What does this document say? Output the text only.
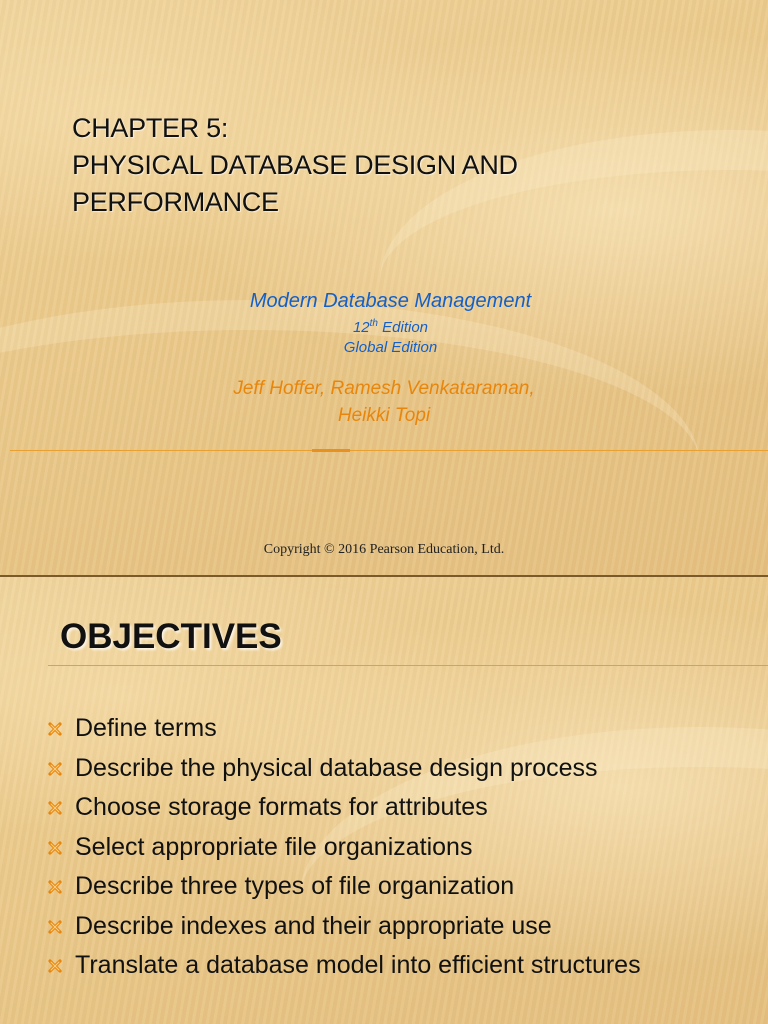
CHAPTER 5:
PHYSICAL DATABASE DESIGN AND
PERFORMANCE
Modern Database Management
12th Edition
Global Edition
Jeff Hoffer, Ramesh Venkataraman,
Heikki Topi
Copyright © 2016 Pearson Education, Ltd.
OBJECTIVES
Define terms
Describe the physical database design process
Choose storage formats for attributes
Select appropriate file organizations
Describe three types of file organization
Describe indexes and their appropriate use
Translate a database model into efficient structures
